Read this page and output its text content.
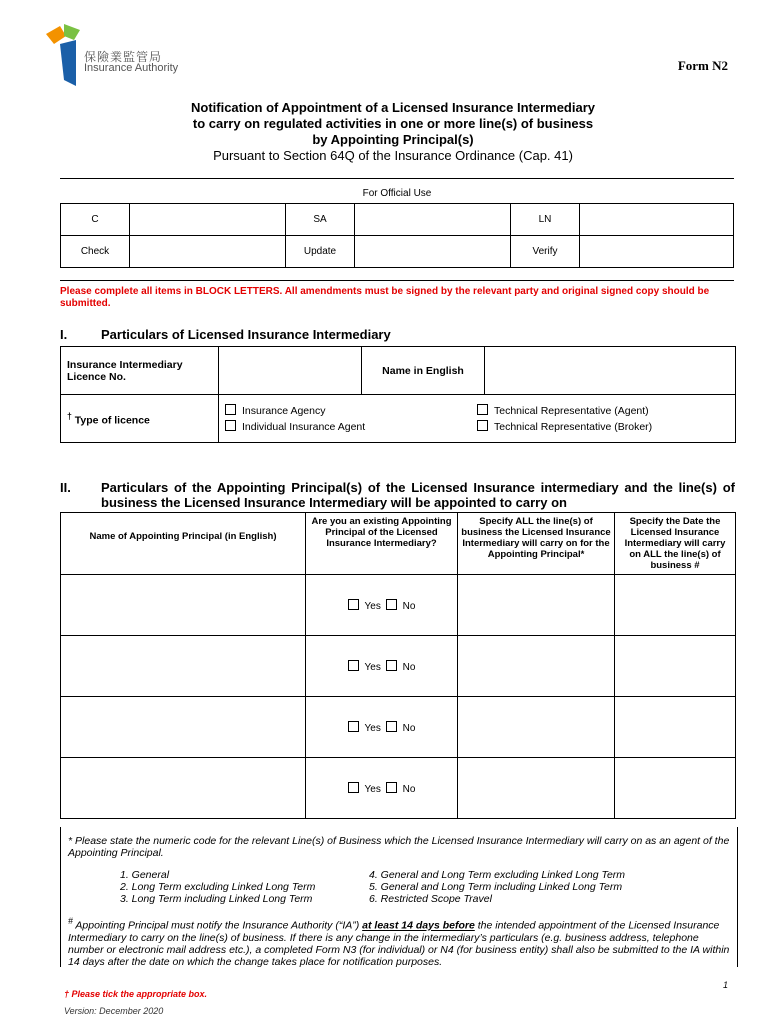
保險業監管局
Insurance Authority	Form N2
Notification of Appointment of a Licensed Insurance Intermediary
to carry on regulated activities in one or more line(s) of business
by Appointing Principal(s)
Pursuant to Section 64Q of the Insurance Ordinance (Cap. 41)
For Official Use
C		SA		LN	
Check		Update		Verify	
Please complete all items in BLOCK LETTERS. All amendments must be signed by the relevant party and original signed copy should be submitted.
I.	Particulars of Licensed Insurance Intermediary
Insurance Intermediary Licence No.		Name in English	
† Type of licence	Insurance Agency
Individual Insurance Agent
Technical Representative (Agent)
Technical Representative (Broker)		
II. Particulars of the Appointing Principal(s) of the Licensed Insurance intermediary and the line(s) of business the Licensed Insurance Intermediary will be appointed to carry on
Name of Appointing Principal (in English)	Are you an existing Appointing Principal of the Licensed Insurance Intermediary?	Specify ALL the line(s) of business the Licensed Insurance Intermediary will carry on for the Appointing Principal*	Specify the Date the Licensed Insurance Intermediary will carry on ALL the line(s) of business #
	Yes No		
	Yes No		
	Yes No		
	Yes No		
* Please state the numeric code for the relevant Line(s) of Business which the Licensed Insurance Intermediary will carry on as an agent of the Appointing Principal.
1. General
2. Long Term excluding Linked Long Term
3. Long Term including Linked Long Term
4. General and Long Term excluding Linked Long Term
5. General and Long Term including Linked Long Term
6. Restricted Scope Travel
# Appointing Principal must notify the Insurance Authority (“IA”) at least 14 days before the intended appointment of the Licensed Insurance Intermediary to carry on the line(s) of business. If there is any change in the intermediary’s particulars (e.g. business address, telephone number or electronic mail address etc.), a completed Form N3 (for individual) or N4 (for business entity) shall also be submitted to the IA within 14 days after the date on which the change takes place for notification purposes.
1
† Please tick the appropriate box.
Version: December 2020
